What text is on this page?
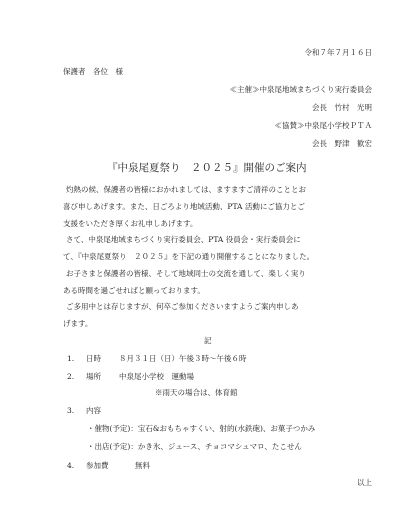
令和７年７月１６日
保護者　各位　様
≪主催≫中泉尾地域まちづくり実行委員会
会長　竹村　光明
≪協賛≫中泉尾小学校ＰＴＡ
会長　野津　歓宏
『中泉尾夏祭り　２０２５』開催のご案内
灼熱の候、保護者の皆様におかれましては、ますますご清祥のこととお
喜び申しあげます。また、日ごろより地域活動、PTA 活動にご協力とご
支援をいただき厚くお礼申しあげます。
さて、中泉尾地域まちづくり実行委員会、PTA 役員会・実行委員会に
て、『中泉尾夏祭り　２０２５』を下記の通り開催することになりました。
お子さまと保護者の皆様、そして地域同士の交流を通して、楽しく実り
ある時間を過ごせればと願っております。
ご多用中とは存じますが、何卒ご参加くださいますようご案内申しあ
げます。
記
1. 日時 ８月３１日（日）午後３時～午後６時
2. 場所 中泉尾小学校　運動場
※雨天の場合は、体育館
3. 内容
・催物(予定)：宝石&おもちゃすくい、射的(水鉄砲)、お菓子つかみ
・出店(予定)：かき氷、ジュース、チョコマシュマロ、たこせん
4. 参加費	無料
以上
